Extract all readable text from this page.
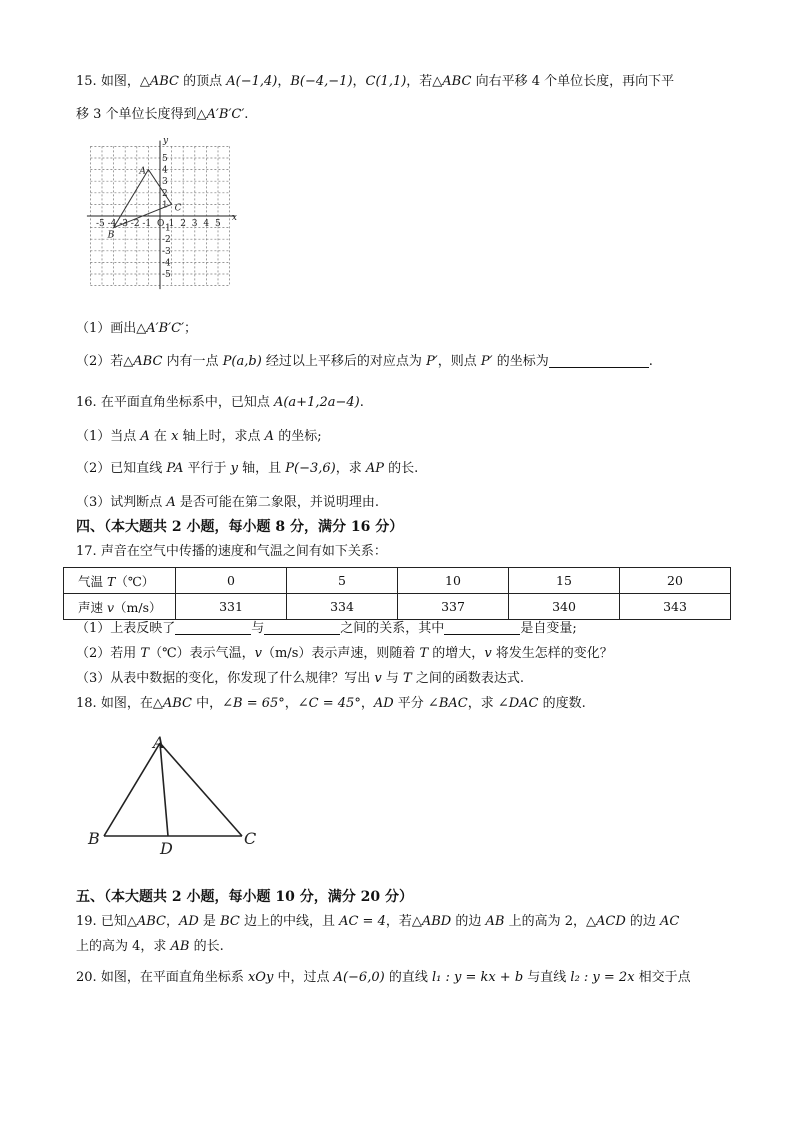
15. 如图，△ABC 的顶点 A(−1,4)，B(−4,−1)，C(1,1)，若△ABC 向右平移 4 个单位长度，再向下平
移 3 个单位长度得到△A′B′C′.
x
y
-5 -4 -3 -2 -1 O 1 2 3 4 5
5
4
3
2
1
-1
-2
-3
-4
-5
A
B
C
（1）画出△A′B′C′；
（2）若△ABC 内有一点 P(a,b) 经过以上平移后的对应点为 P′，则点 P′ 的坐标为	.
16. 在平面直角坐标系中，已知点 A(a+1,2a−4).
（1）当点 A 在 x 轴上时，求点 A 的坐标;
（2）已知直线 PA 平行于 y 轴，且 P(−3,6)，求 AP 的长.
（3）试判断点 A 是否可能在第二象限，并说明理由.
四、（本大题共 2 小题，每小题 8 分，满分 16 分）
17. 声音在空气中传播的速度和气温之间有如下关系：
气温 T（℃）	0	5	10	15	20
声速 v（m/s）	331	334	337	340	343
（1）上表反映了	与	之间的关系，其中	是自变量;
（2）若用 T（℃）表示气温，v（m/s）表示声速，则随着 T 的增大，v 将发生怎样的变化？
（3）从表中数据的变化，你发现了什么规律？写出 v 与 T 之间的函数表达式.
18. 如图，在△ABC 中，∠B = 65°，∠C = 45°，AD 平分 ∠BAC，求 ∠DAC 的度数.
A
B	C
D
五、（本大题共 2 小题，每小题 10 分，满分 20 分）
19. 已知△ABC，AD 是 BC 边上的中线，且 AC = 4，若△ABD 的边 AB 上的高为 2，△ACD 的边 AC
上的高为 4，求 AB 的长.
20. 如图，在平面直角坐标系 xOy 中，过点 A(−6,0) 的直线 l₁ : y = kx + b 与直线 l₂ : y = 2x 相交于点
